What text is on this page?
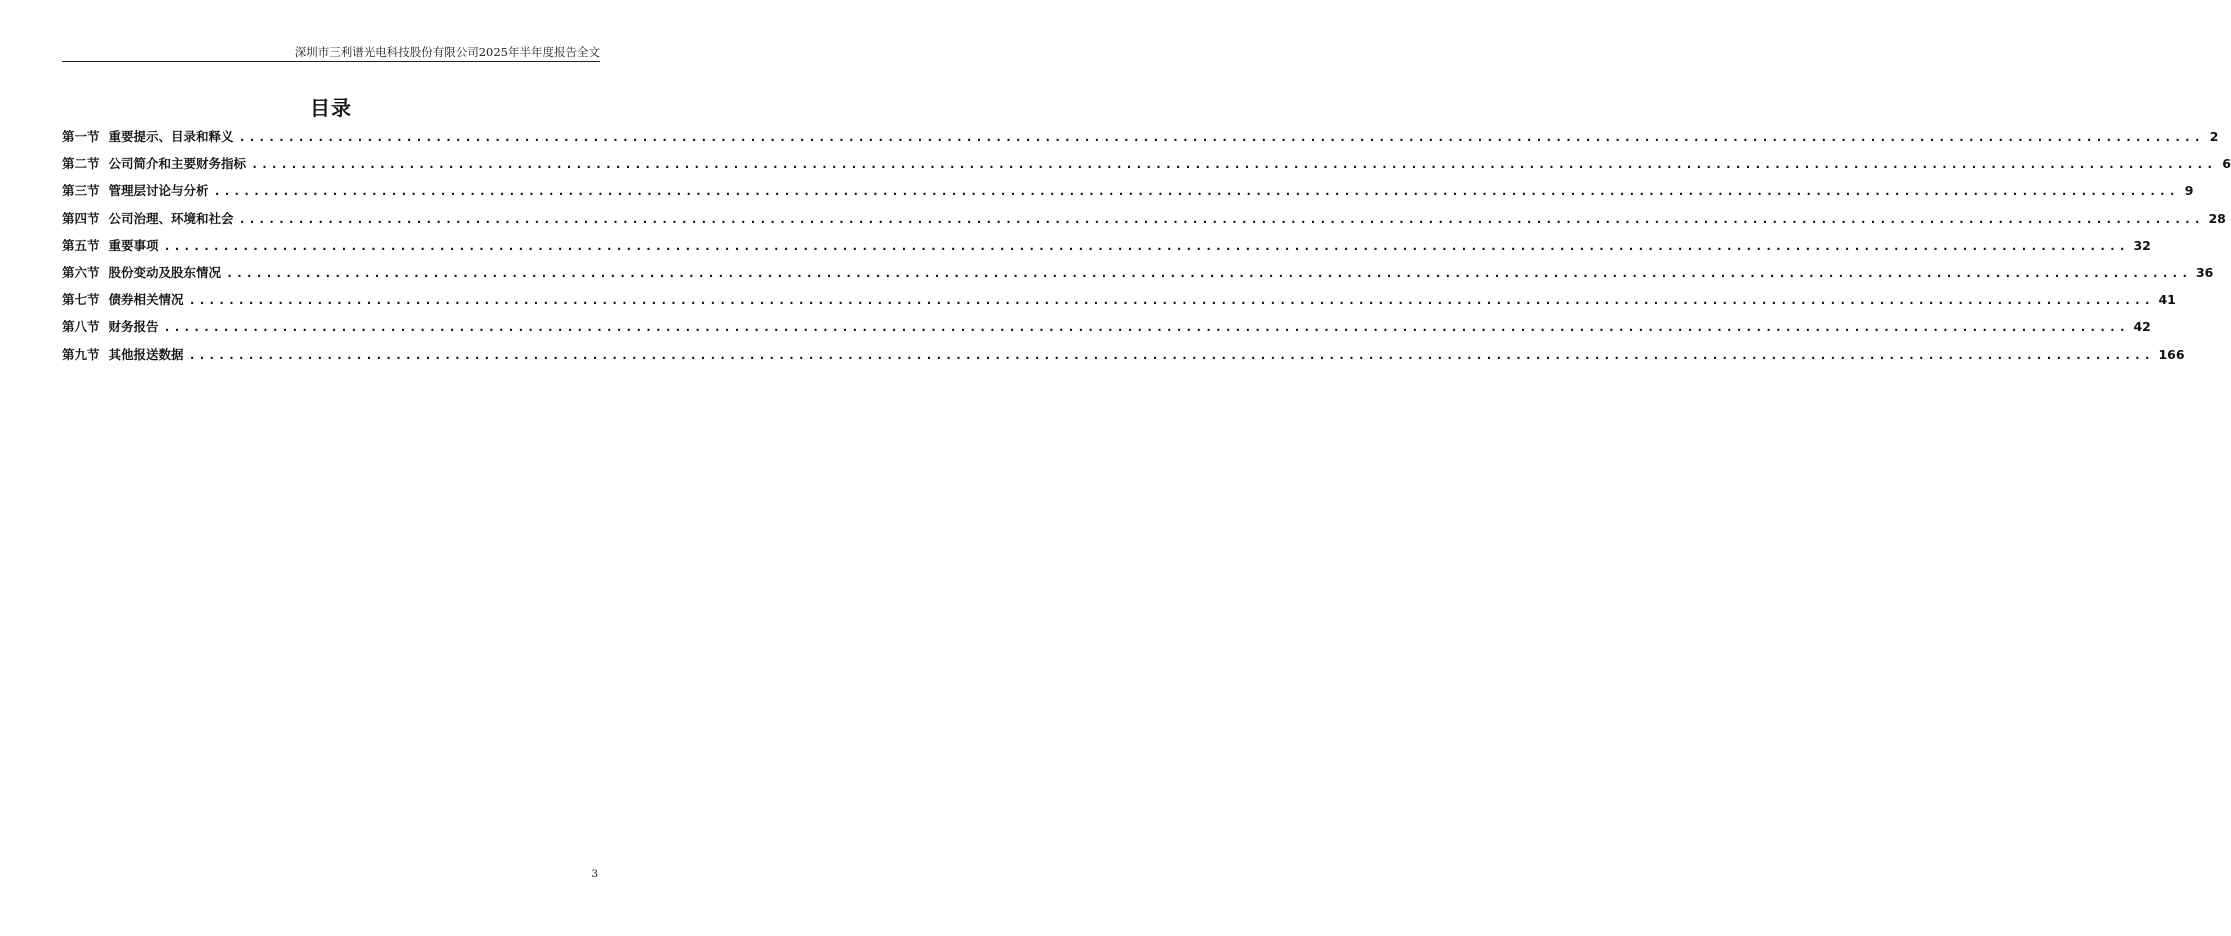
深圳市三利谱光电科技股份有限公司2025年半年度报告全文
目录
第一节 重要提示、目录和释义 ........................................................................................................................................................................................................ 2
第二节 公司简介和主要财务指标 ........................................................................................................................................................................................................ 6
第三节 管理层讨论与分析 ........................................................................................................................................................................................................ 9
第四节 公司治理、环境和社会 ........................................................................................................................................................................................................ 28
第五节 重要事项 ........................................................................................................................................................................................................ 32
第六节 股份变动及股东情况 ........................................................................................................................................................................................................ 36
第七节 债券相关情况 ........................................................................................................................................................................................................ 41
第八节 财务报告 ........................................................................................................................................................................................................ 42
第九节 其他报送数据 ........................................................................................................................................................................................................ 166
3
